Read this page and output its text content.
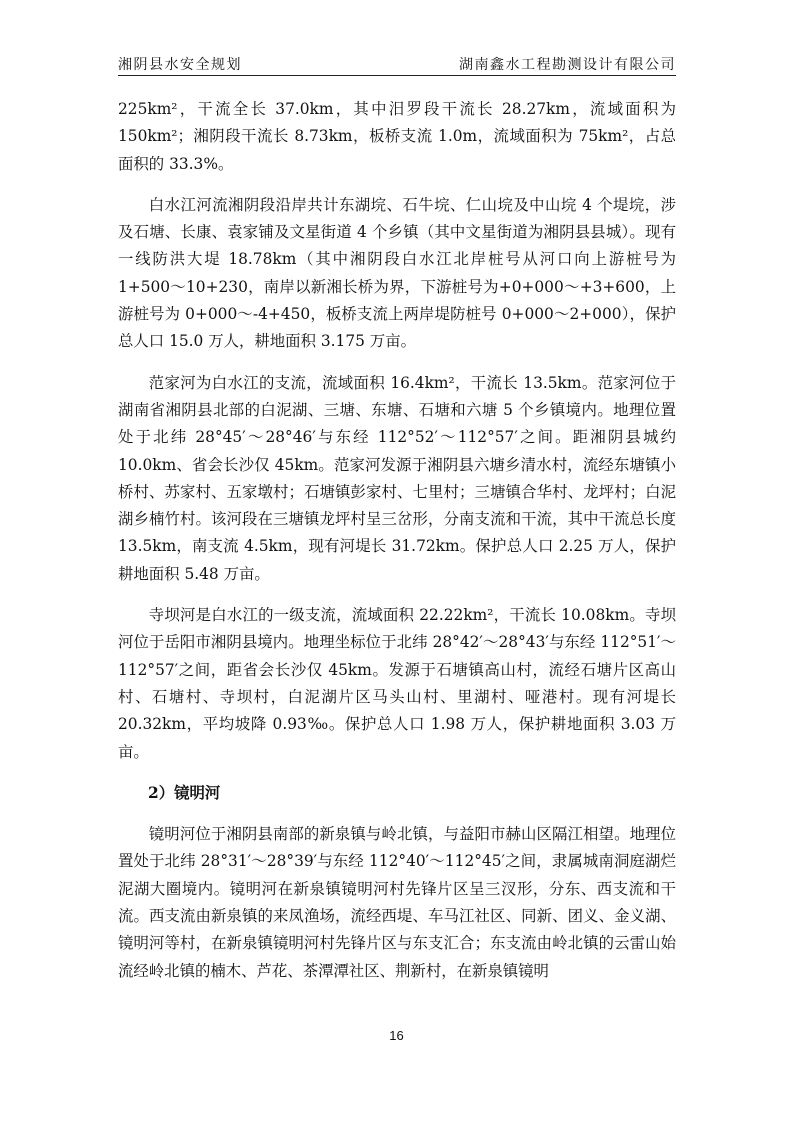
湘阴县水安全规划	湖南鑫水工程勘测设计有限公司

225km²，干流全长 37.0km，其中汨罗段干流长 28.27km，流域面积为 150km²；湘阴段干流长 8.73km，板桥支流 1.0m，流域面积为 75km²，占总面积的 33.3%。

白水江河流湘阴段沿岸共计东湖垸、石牛垸、仁山垸及中山垸 4 个堤垸，涉及石塘、长康、袁家铺及文星街道 4 个乡镇（其中文星街道为湘阴县县城）。现有一线防洪大堤 18.78km（其中湘阴段白水江北岸桩号从河口向上游桩号为 1+500～10+230，南岸以新湘长桥为界，下游桩号为+0+000～+3+600，上游桩号为 0+000～-4+450，板桥支流上两岸堤防桩号 0+000～2+000），保护总人口 15.0 万人，耕地面积 3.175 万亩。

范家河为白水江的支流，流域面积 16.4km²，干流长 13.5km。范家河位于湖南省湘阴县北部的白泥湖、三塘、东塘、石塘和六塘 5 个乡镇境内。地理位置处于北纬 28°45′～28°46′与东经 112°52′～112°57′之间。距湘阴县城约 10.0km、省会长沙仅 45km。范家河发源于湘阴县六塘乡清水村，流经东塘镇小桥村、苏家村、五家墩村；石塘镇彭家村、七里村；三塘镇合华村、龙坪村；白泥湖乡楠竹村。该河段在三塘镇龙坪村呈三岔形，分南支流和干流，其中干流总长度 13.5km，南支流 4.5km，现有河堤长 31.72km。保护总人口 2.25 万人，保护耕地面积 5.48 万亩。

寺坝河是白水江的一级支流，流域面积 22.22km²，干流长 10.08km。寺坝河位于岳阳市湘阴县境内。地理坐标位于北纬 28°42′～28°43′与东经 112°51′～112°57′之间，距省会长沙仅 45km。发源于石塘镇高山村，流经石塘片区高山村、石塘村、寺坝村，白泥湖片区马头山村、里湖村、哑港村。现有河堤长 20.32km，平均坡降 0.93‰。保护总人口 1.98 万人，保护耕地面积 3.03 万亩。

2）镜明河

镜明河位于湘阴县南部的新泉镇与岭北镇，与益阳市赫山区隔江相望。地理位置处于北纬 28°31′～28°39′与东经 112°40′～112°45′之间，隶属城南洞庭湖烂泥湖大圈境内。镜明河在新泉镇镜明河村先锋片区呈三汊形，分东、西支流和干流。西支流由新泉镇的来凤渔场，流经西堤、车马江社区、同新、团义、金义湖、镜明河等村，在新泉镇镜明河村先锋片区与东支汇合；东支流由岭北镇的云雷山始流经岭北镇的楠木、芦花、茶潭潭社区、荆新村，在新泉镇镜明

16
